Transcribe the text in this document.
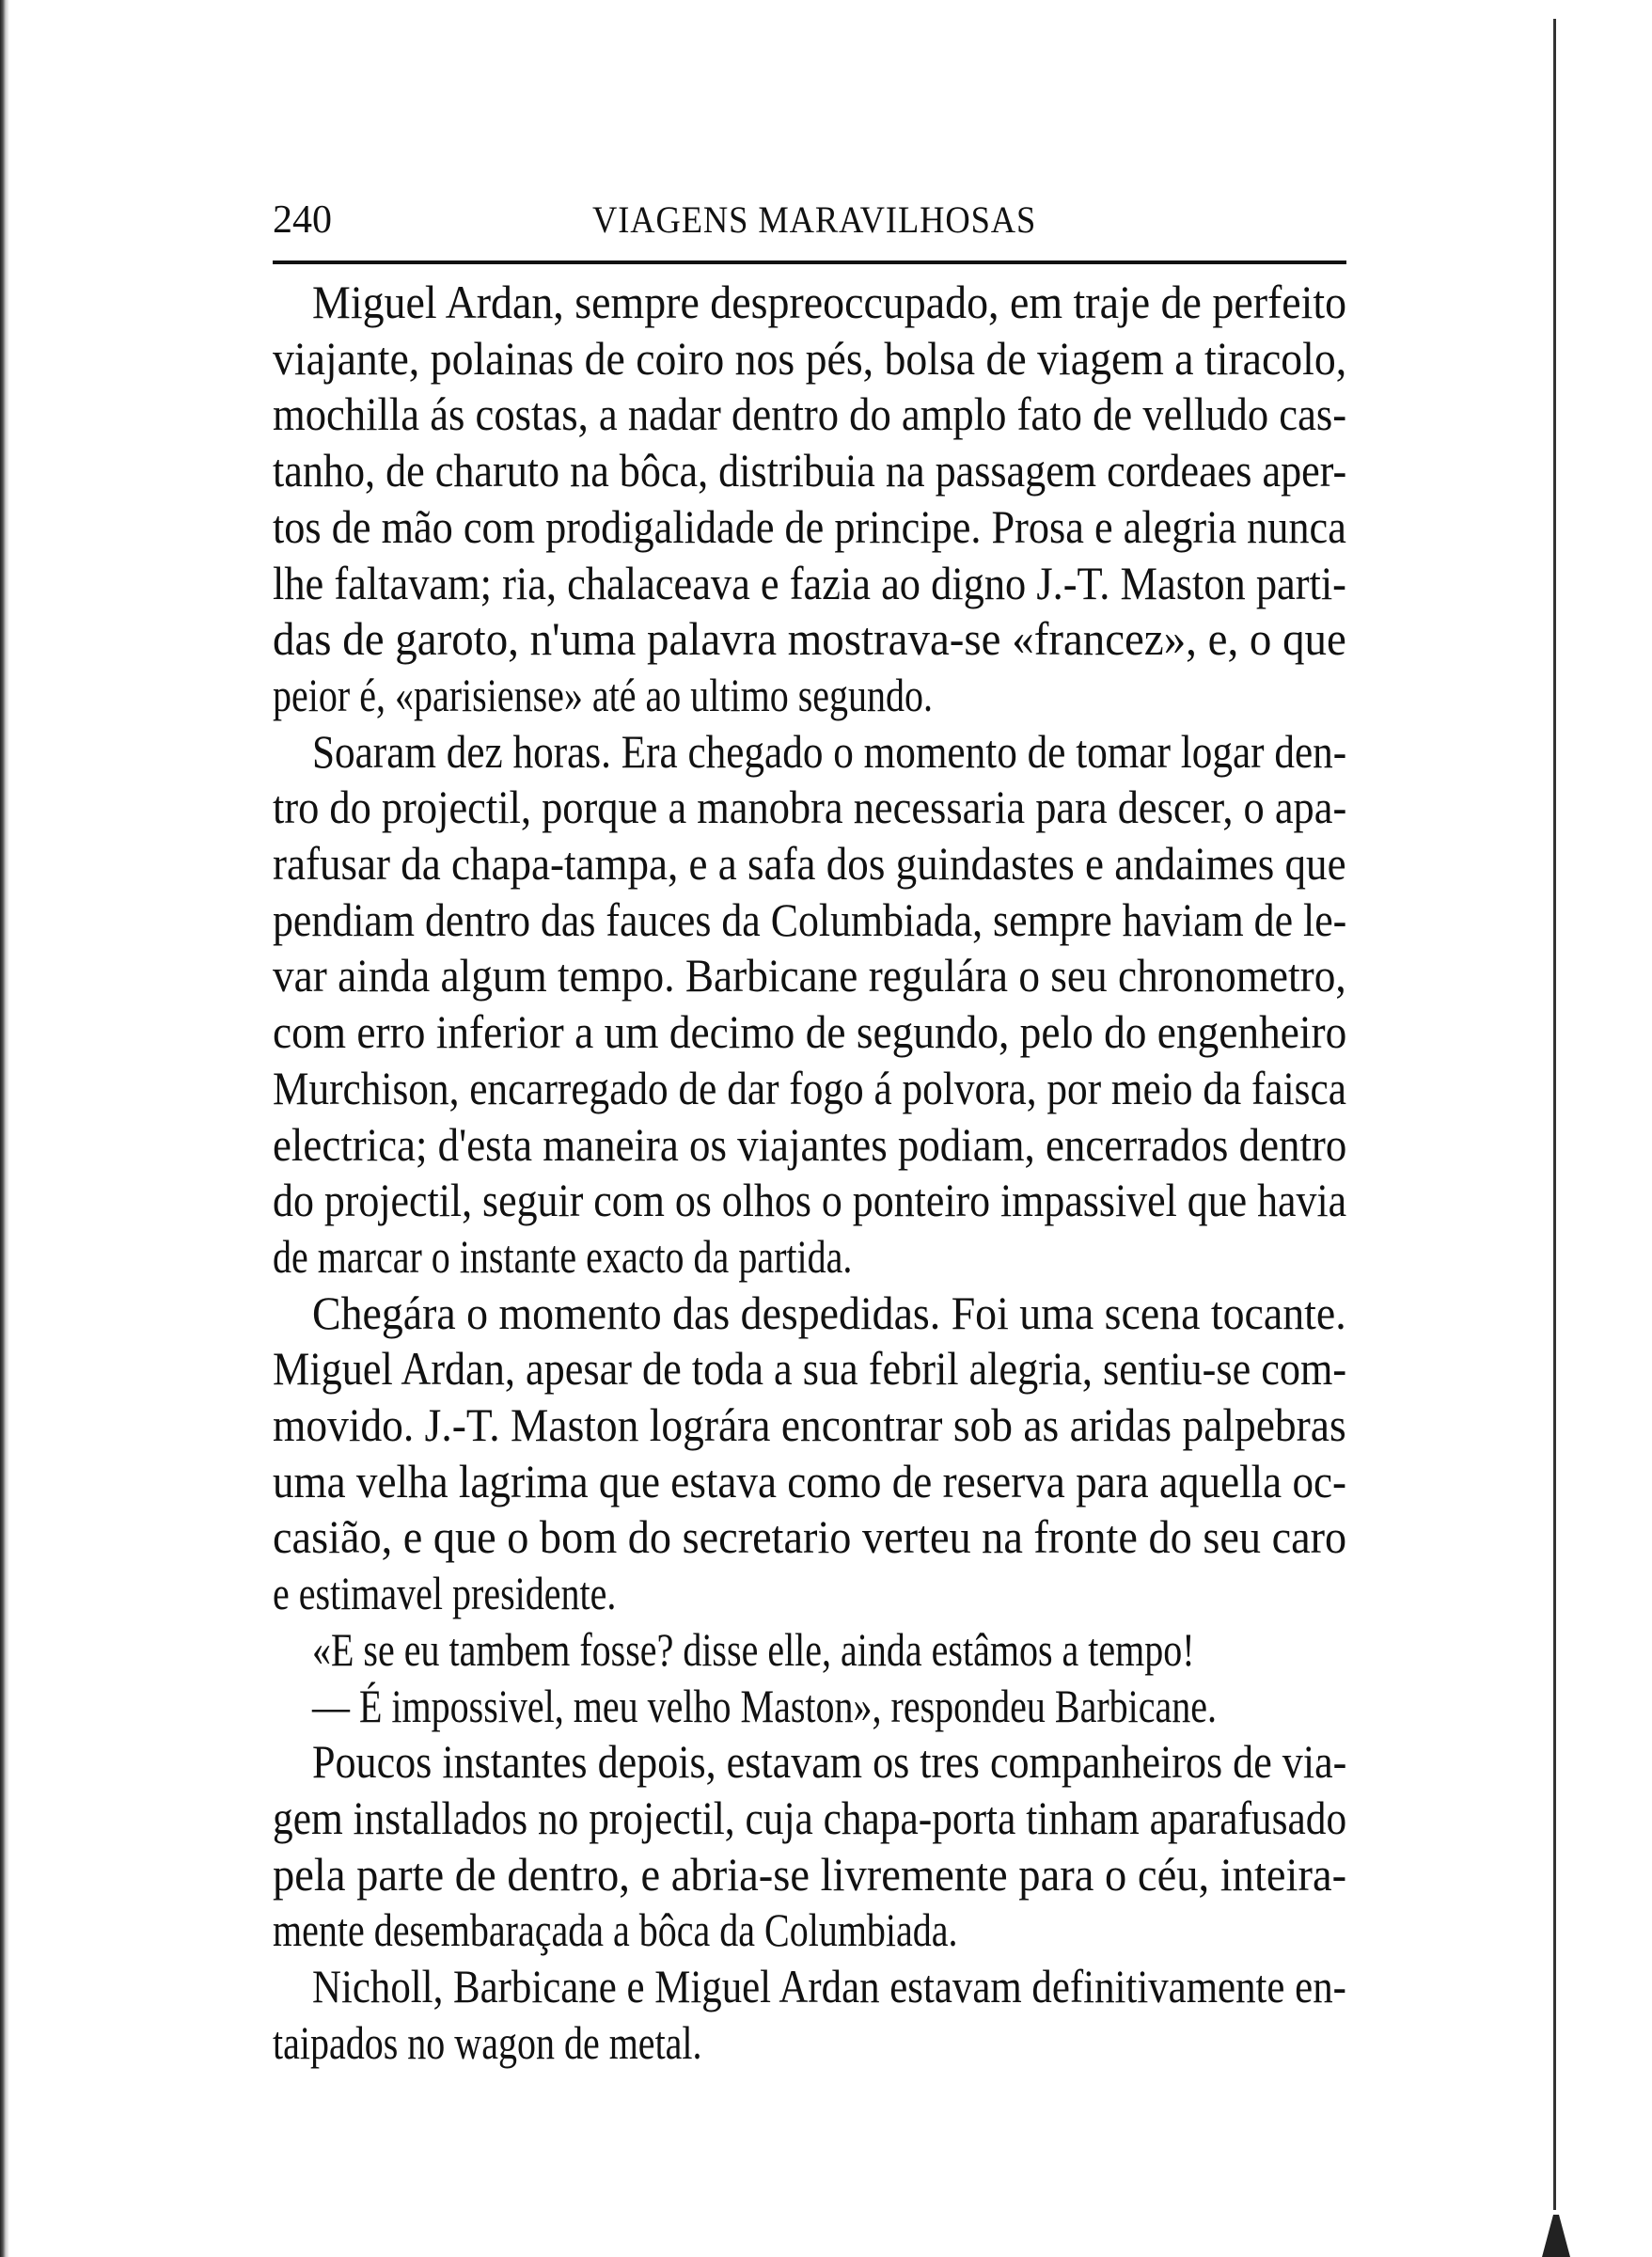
240	VIAGENS MARAVILHOSAS
Miguel Ardan, sempre despreoccupado, em traje de perfeito
viajante, polainas de coiro nos pés, bolsa de viagem a tiracolo,
mochilla ás costas, a nadar dentro do amplo fato de velludo cas-
tanho, de charuto na bôca, distribuia na passagem cordeaes aper-
tos de mão com prodigalidade de principe. Prosa e alegria nunca
lhe faltavam; ria, chalaceava e fazia ao digno J.-T. Maston parti-
das de garoto, n'uma palavra mostrava-se «francez», e, o que
peior é, «parisiense» até ao ultimo segundo.
Soaram dez horas. Era chegado o momento de tomar logar den-
tro do projectil, porque a manobra necessaria para descer, o apa-
rafusar da chapa-tampa, e a safa dos guindastes e andaimes que
pendiam dentro das fauces da Columbiada, sempre haviam de le-
var ainda algum tempo. Barbicane regulára o seu chronometro,
com erro inferior a um decimo de segundo, pelo do engenheiro
Murchison, encarregado de dar fogo á polvora, por meio da faisca
electrica; d'esta maneira os viajantes podiam, encerrados dentro
do projectil, seguir com os olhos o ponteiro impassivel que havia
de marcar o instante exacto da partida.
Chegára o momento das despedidas. Foi uma scena tocante.
Miguel Ardan, apesar de toda a sua febril alegria, sentiu-se com-
movido. J.-T. Maston lográra encontrar sob as aridas palpebras
uma velha lagrima que estava como de reserva para aquella oc-
casião, e que o bom do secretario verteu na fronte do seu caro
e estimavel presidente.
«E se eu tambem fosse? disse elle, ainda estâmos a tempo!
— É impossivel, meu velho Maston», respondeu Barbicane.
Poucos instantes depois, estavam os tres companheiros de via-
gem installados no projectil, cuja chapa-porta tinham aparafusado
pela parte de dentro, e abria-se livremente para o céu, inteira-
mente desembaraçada a bôca da Columbiada.
Nicholl, Barbicane e Miguel Ardan estavam definitivamente en-
taipados no wagon de metal.
